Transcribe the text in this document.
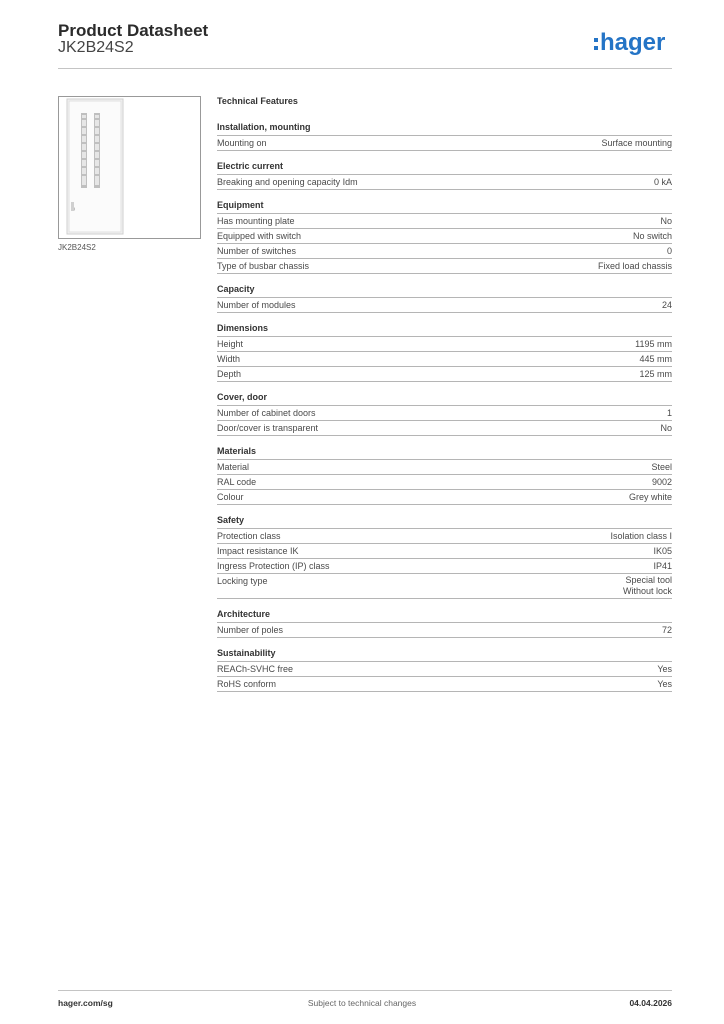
Product Datasheet
JK2B24S2	hager
JK2B24S2
Technical Features
Installation, mounting
Mounting on	Surface mounting
Electric current
Breaking and opening capacity Idm	0 kA
Equipment
Has mounting plate	No
Equipped with switch	No switch
Number of switches	0
Type of busbar chassis	Fixed load chassis
Capacity
Number of modules	24
Dimensions
Height	1195 mm
Width	445 mm
Depth	125 mm
Cover, door
Number of cabinet doors	1
Door/cover is transparent	No
Materials
Material	Steel
RAL code	9002
Colour	Grey white
Safety
Protection class	Isolation class I
Impact resistance IK	IK05
Ingress Protection (IP) class	IP41
Locking type	Special tool
Without lock
Architecture
Number of poles	72
Sustainability
REACh-SVHC free	Yes
RoHS conform	Yes
hager.com/sg	Subject to technical changes	04.04.2026
